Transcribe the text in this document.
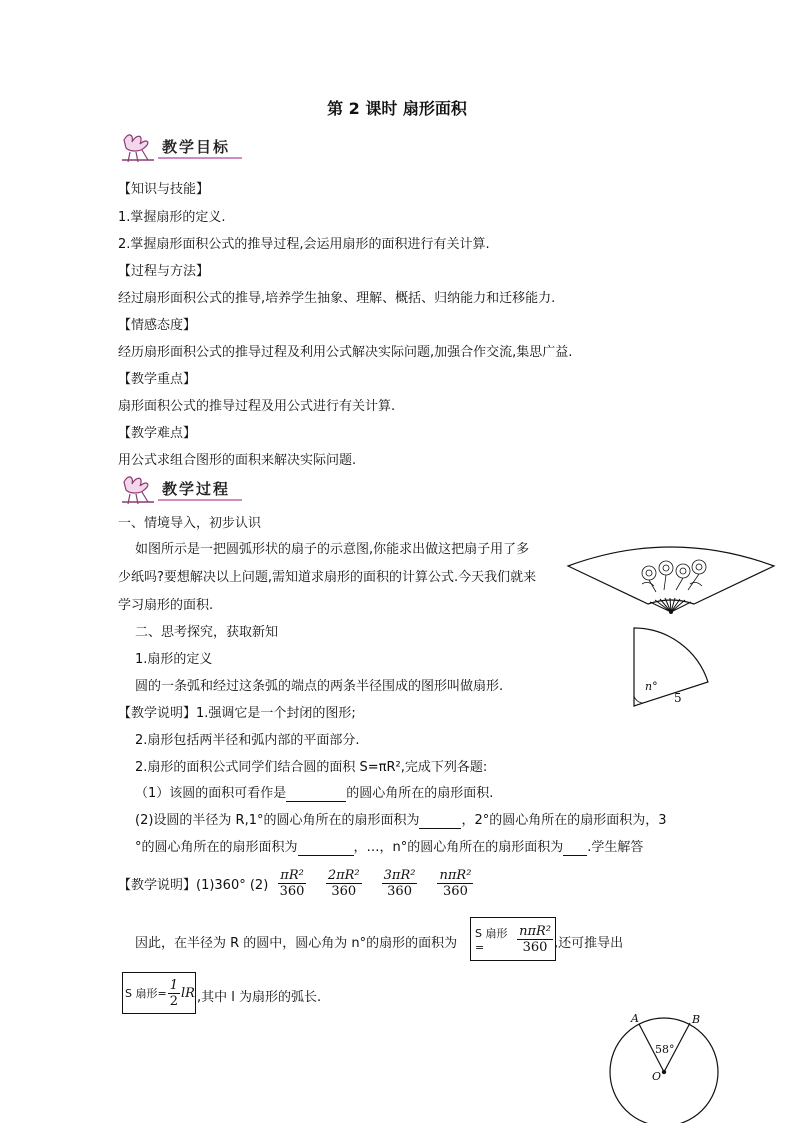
第 2 课时 扇形面积
教学目标
【知识与技能】
1.掌握扇形的定义.
2.掌握扇形面积公式的推导过程,会运用扇形的面积进行有关计算.
【过程与方法】
经过扇形面积公式的推导,培养学生抽象、理解、概括、归纳能力和迁移能力.
【情感态度】
经历扇形面积公式的推导过程及利用公式解决实际问题,加强合作交流,集思广益.
【教学重点】
扇形面积公式的推导过程及用公式进行有关计算.
【教学难点】
用公式求组合图形的面积来解决实际问题.
教学过程
一、情境导入，初步认识
如图所示是一把圆弧形状的扇子的示意图,你能求出做这把扇子用了多
少纸吗?要想解决以上问题,需知道求扇形的面积的计算公式.今天我们就来
学习扇形的面积.
二、思考探究，获取新知
1.扇形的定义
圆的一条弧和经过这条弧的端点的两条半径围成的图形叫做扇形.
【教学说明】1.强调它是一个封闭的图形;
2.扇形包括两半径和弧内部的平面部分.
2.扇形的面积公式同学们结合圆的面积 S=πR²,完成下列各题:
（1）该圆的面积可看作是	的圆心角所在的扇形面积.
(2)设圆的半径为 R,1°的圆心角所在的扇形面积为	，2°的圆心角所在的扇形面积为，3
°的圆心角所在的扇形面积为	，…，n°的圆心角所在的扇形面积为 .学生解答
【教学说明】(1)360° $(2) \frac{\text{πR²}}{360} \frac{\text{2πR²}}{360} \frac{\text{3πR²}}{360} \frac{\text{nπR²}}{360}$
因此，在半径为 R 的圆中，圆心角为 n°的扇形的面积为
S 扇形=	$\frac{\text{nπR²}}{360}$ ,还可推导出
S 扇形= $\frac{1}{2}$ lR ,其中 l 为扇形的弧长.
n°
5
A	B
58°
O
